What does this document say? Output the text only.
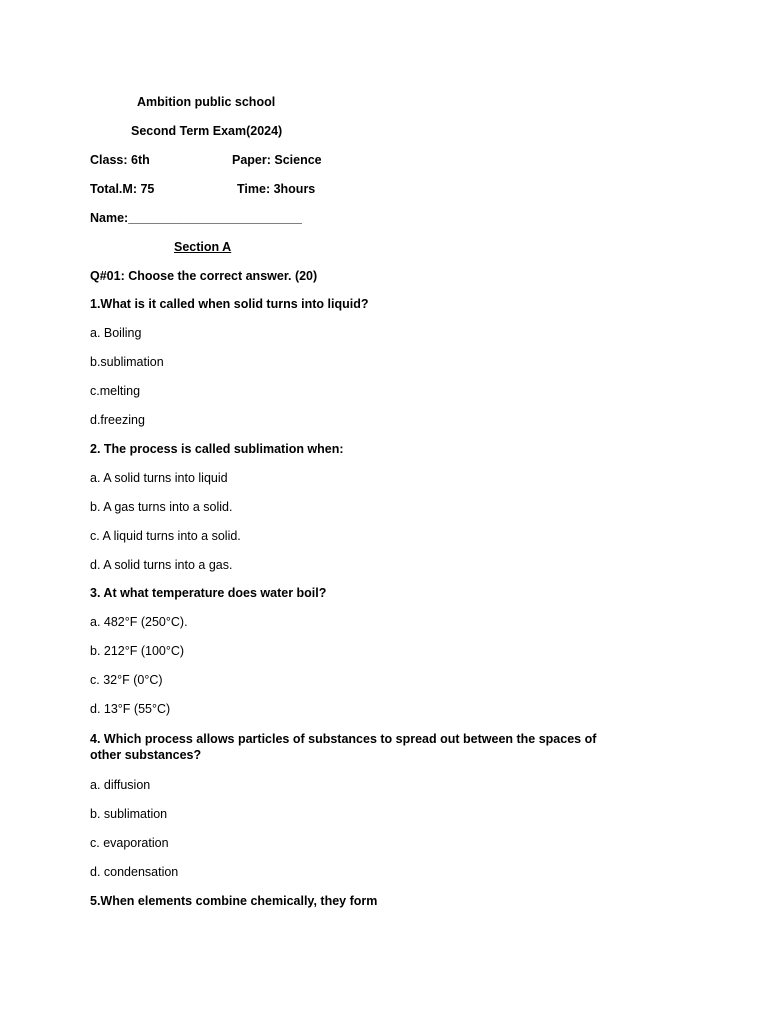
Ambition public school
Second Term Exam(2024)
Class: 6th	Paper: Science
Total.M: 75	Time: 3hours
Name:_________________________
Section A
Q#01: Choose the correct answer. (20)
1.What is it called when solid turns into liquid?
a. Boiling
b.sublimation
c.melting
d.freezing
2. The process is called sublimation when:
a. A solid turns into liquid
b. A gas turns into a solid.
c. A liquid turns into a solid.
d. A solid turns into a gas.
3. At what temperature does water boil?
a. 482°F (250°C).
b. 212°F (100°C)
c. 32°F (0°C)
d. 13°F (55°C)
4. Which process allows particles of substances to spread out between the spaces of other substances?
a. diffusion
b. sublimation
c. evaporation
d. condensation
5.When elements combine chemically, they form
